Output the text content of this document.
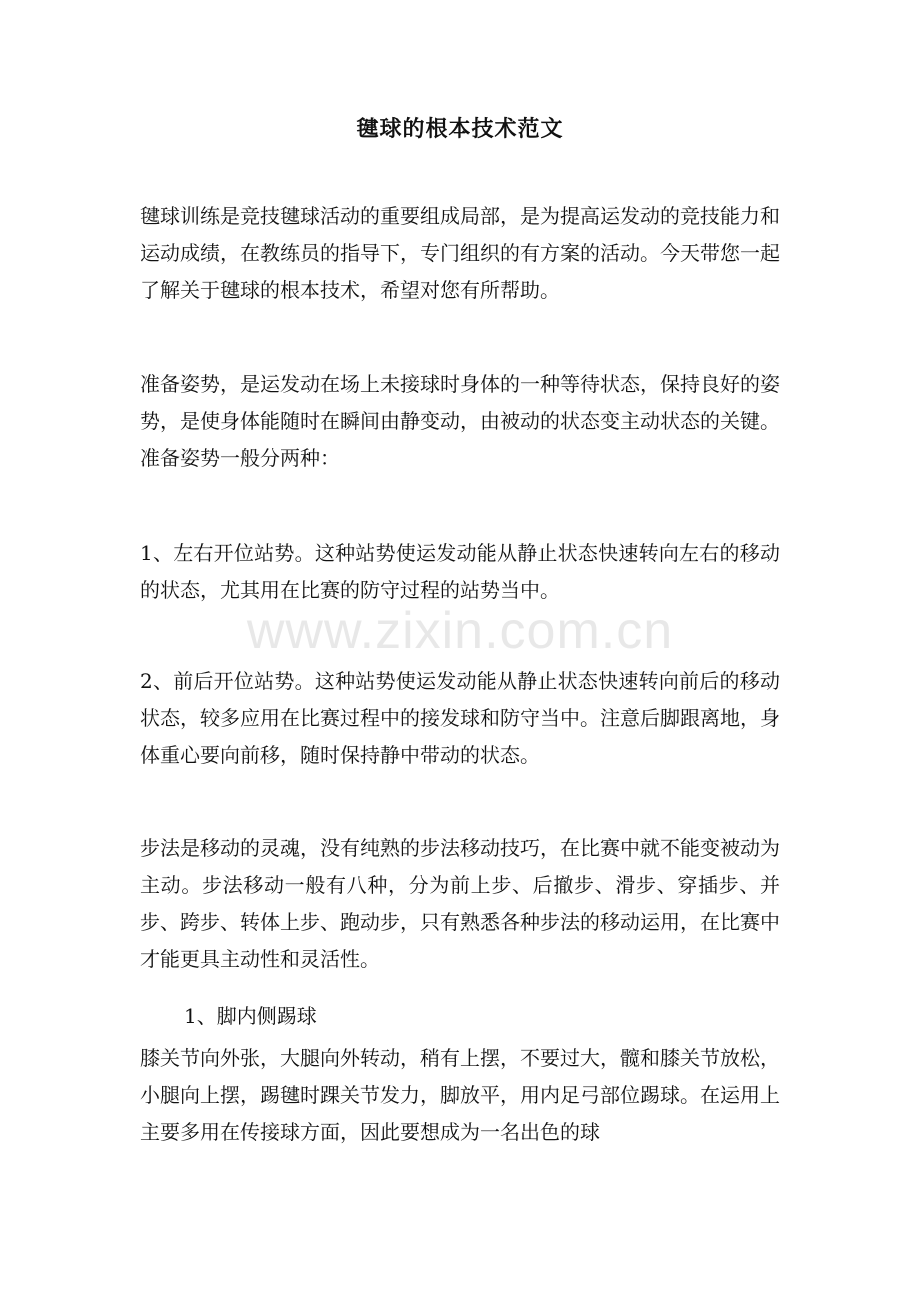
毽球的根本技术范文

毽球训练是竞技毽球活动的重要组成局部，是为提高运发动的竞技能力和运动成绩，在教练员的指导下，专门组织的有方案的活动。今天带您一起了解关于毽球的根本技术，希望对您有所帮助。

准备姿势，是运发动在场上未接球时身体的一种等待状态，保持良好的姿势，是使身体能随时在瞬间由静变动，由被动的状态变主动状态的关键。准备姿势一般分两种：

1、左右开位站势。这种站势使运发动能从静止状态快速转向左右的移动的状态，尤其用在比赛的防守过程的站势当中。

2、前后开位站势。这种站势使运发动能从静止状态快速转向前后的移动状态，较多应用在比赛过程中的接发球和防守当中。注意后脚跟离地，身体重心要向前移，随时保持静中带动的状态。

步法是移动的灵魂，没有纯熟的步法移动技巧，在比赛中就不能变被动为主动。步法移动一般有八种，分为前上步、后撤步、滑步、穿插步、并步、跨步、转体上步、跑动步，只有熟悉各种步法的移动运用，在比赛中才能更具主动性和灵活性。

1、脚内侧踢球

膝关节向外张，大腿向外转动，稍有上摆，不要过大，髋和膝关节放松，小腿向上摆，踢毽时踝关节发力，脚放平，用内足弓部位踢球。在运用上主要多用在传接球方面，因此要想成为一名出色的球

www.zixin.com.cn
